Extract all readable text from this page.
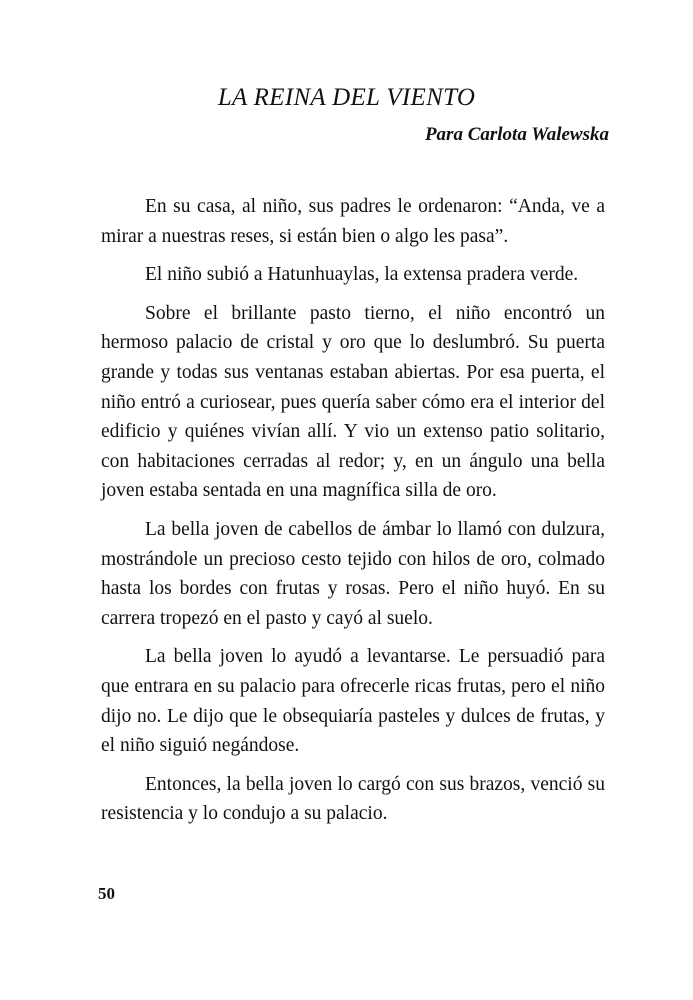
LA REINA DEL VIENTO

Para Carlota Walewska

En su casa, al niño, sus padres le ordenaron: “Anda, ve a mirar a nuestras reses, si están bien o algo les pasa”.

El niño subió a Hatunhuaylas, la extensa pradera verde.

Sobre el brillante pasto tierno, el niño encontró un hermoso palacio de cristal y oro que lo deslumbró. Su puerta grande y todas sus ventanas estaban abiertas. Por esa puerta, el niño entró a curiosear, pues quería saber cómo era el interior del edificio y quiénes vivían allí. Y vio un extenso patio solitario, con habitaciones cerradas al redor; y, en un ángulo una bella joven estaba sentada en una magnífica silla de oro.

La bella joven de cabellos de ámbar lo llamó con dulzura, mostrándole un precioso cesto tejido con hilos de oro, colmado hasta los bordes con frutas y rosas. Pero el niño huyó. En su carrera tropezó en el pasto y cayó al suelo.

La bella joven lo ayudó a levantarse. Le persuadió para que entrara en su palacio para ofrecerle ricas frutas, pero el niño dijo no. Le dijo que le obsequiaría pasteles y dulces de frutas, y el niño siguió negándose.

Entonces, la bella joven lo cargó con sus brazos, venció su resistencia y lo condujo a su palacio.

50
